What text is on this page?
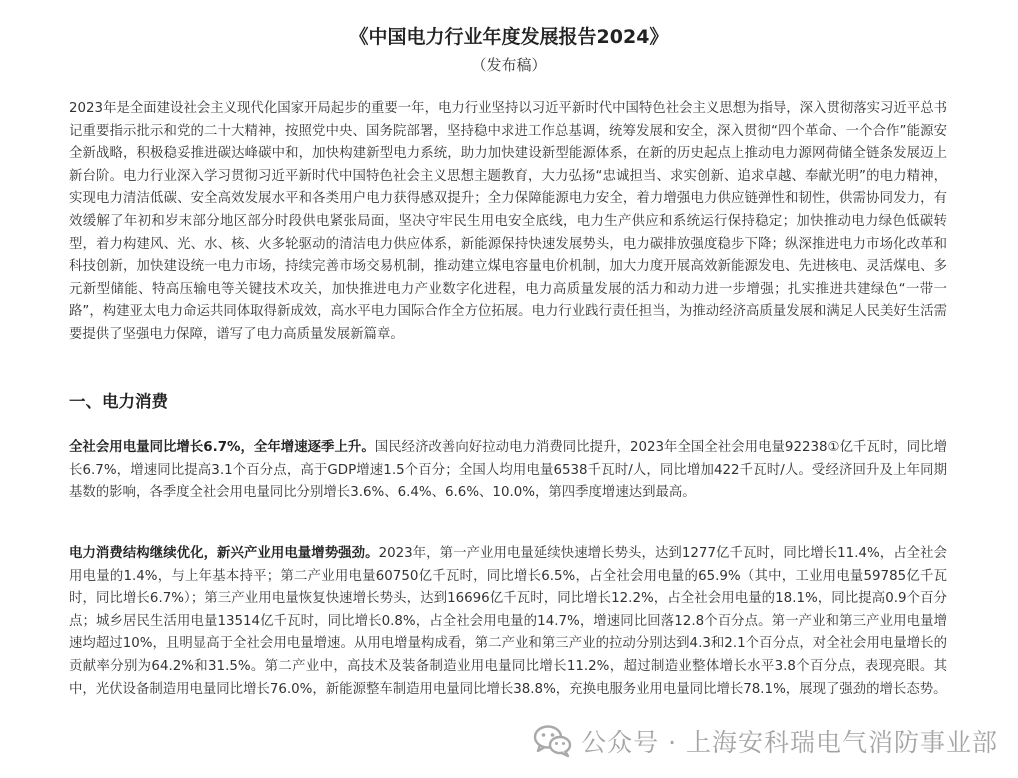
《中国电力行业年度发展报告2024》
（发布稿）

2023年是全面建设社会主义现代化国家开局起步的重要一年，电力行业坚持以习近平新时代中国特色社会主义思想为指导，深入贯彻落实习近平总书记重要指示批示和党的二十大精神，按照党中央、国务院部署，坚持稳中求进工作总基调，统筹发展和安全，深入贯彻“四个革命、一个合作”能源安全新战略，积极稳妥推进碳达峰碳中和，加快构建新型电力系统，助力加快建设新型能源体系，在新的历史起点上推动电力源网荷储全链条发展迈上新台阶。电力行业深入学习贯彻习近平新时代中国特色社会主义思想主题教育，大力弘扬“忠诚担当、求实创新、追求卓越、奉献光明”的电力精神，实现电力清洁低碳、安全高效发展水平和各类用户电力获得感双提升；全力保障能源电力安全，着力增强电力供应链弹性和韧性，供需协同发力，有效缓解了年初和岁末部分地区部分时段供电紧张局面，坚决守牢民生用电安全底线，电力生产供应和系统运行保持稳定；加快推动电力绿色低碳转型，着力构建风、光、水、核、火多轮驱动的清洁电力供应体系，新能源保持快速发展势头，电力碳排放强度稳步下降；纵深推进电力市场化改革和科技创新，加快建设统一电力市场，持续完善市场交易机制，推动建立煤电容量电价机制，加大力度开展高效新能源发电、先进核电、灵活煤电、多元新型储能、特高压输电等关键技术攻关，加快推进电力产业数字化进程，电力高质量发展的活力和动力进一步增强；扎实推进共建绿色“一带一路”，构建亚太电力命运共同体取得新成效，高水平电力国际合作全方位拓展。电力行业践行责任担当，为推动经济高质量发展和满足人民美好生活需要提供了坚强电力保障，谱写了电力高质量发展新篇章。

一、电力消费

全社会用电量同比增长6.7%，全年增速逐季上升。国民经济改善向好拉动电力消费同比提升，2023年全国全社会用电量92238①亿千瓦时，同比增长6.7%，增速同比提高3.1个百分点，高于GDP增速1.5个百分；全国人均用电量6538千瓦时/人，同比增加422千瓦时/人。受经济回升及上年同期基数的影响，各季度全社会用电量同比分别增长3.6%、6.4%、6.6%、10.0%，第四季度增速达到最高。

电力消费结构继续优化，新兴产业用电量增势强劲。2023年，第一产业用电量延续快速增长势头，达到1277亿千瓦时，同比增长11.4%，占全社会用电量的1.4%，与上年基本持平；第二产业用电量60750亿千瓦时，同比增长6.5%，占全社会用电量的65.9%（其中，工业用电量59785亿千瓦时，同比增长6.7%）；第三产业用电量恢复快速增长势头，达到16696亿千瓦时，同比增长12.2%，占全社会用电量的18.1%，同比提高0.9个百分点；城乡居民生活用电量13514亿千瓦时，同比增长0.8%，占全社会用电量的14.7%，增速同比回落12.8个百分点。第一产业和第三产业用电量增速均超过10%，且明显高于全社会用电量增速。从用电增量构成看，第二产业和第三产业的拉动分别达到4.3和2.1个百分点，对全社会用电量增长的贡献率分别为64.2%和31.5%。第二产业中，高技术及装备制造业用电量同比增长11.2%，超过制造业整体增长水平3.8个百分点，表现亮眼。其中，光伏设备制造用电量同比增长76.0%，新能源整车制造用电量同比增长38.8%，充换电服务业用电量同比增长78.1%，展现了强劲的增长态势。

公众号 · 上海安科瑞电气消防事业部
